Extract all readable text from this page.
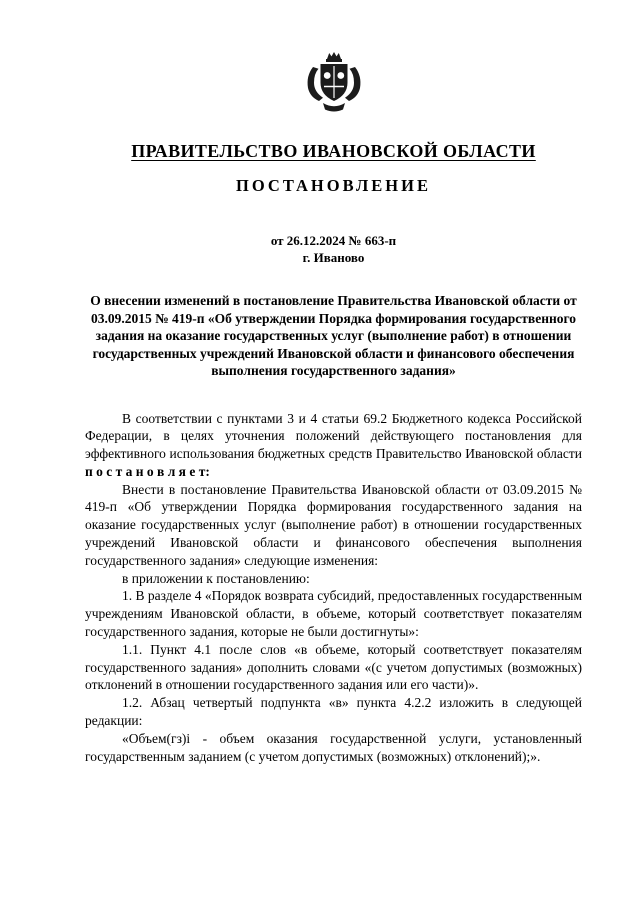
ПРАВИТЕЛЬСТВО ИВАНОВСКОЙ ОБЛАСТИ
ПОСТАНОВЛЕНИЕ
от 26.12.2024 № 663-п
г. Иваново
О внесении изменений в постановление Правительства Ивановской области от 03.09.2015 № 419-п «Об утверждении Порядка формирования государственного задания на оказание государственных услуг (выполнение работ) в отношении государственных учреждений Ивановской области и финансового обеспечения выполнения государственного задания»

В соответствии с пунктами 3 и 4 статьи 69.2 Бюджетного кодекса Российской Федерации, в целях уточнения положений действующего постановления для эффективного использования бюджетных средств Правительство Ивановской области п о с т а н о в л я е т:

Внести в постановление Правительства Ивановской области от 03.09.2015 № 419-п «Об утверждении Порядка формирования государственного задания на оказание государственных услуг (выполнение работ) в отношении государственных учреждений Ивановской области и финансового обеспечения выполнения государственного задания» следующие изменения:

в приложении к постановлению:

1. В разделе 4 «Порядок возврата субсидий, предоставленных государственным учреждениям Ивановской области, в объеме, который соответствует показателям государственного задания, которые не были достигнуты»:

1.1. Пункт 4.1 после слов «в объеме, который соответствует показателям государственного задания» дополнить словами «(с учетом допустимых (возможных) отклонений в отношении государственного задания или его части)».

1.2. Абзац четвертый подпункта «в» пункта 4.2.2 изложить в следующей редакции:

«Объем(гз)i - объем оказания государственной услуги, установленный государственным заданием (с учетом допустимых (возможных) отклонений);».
